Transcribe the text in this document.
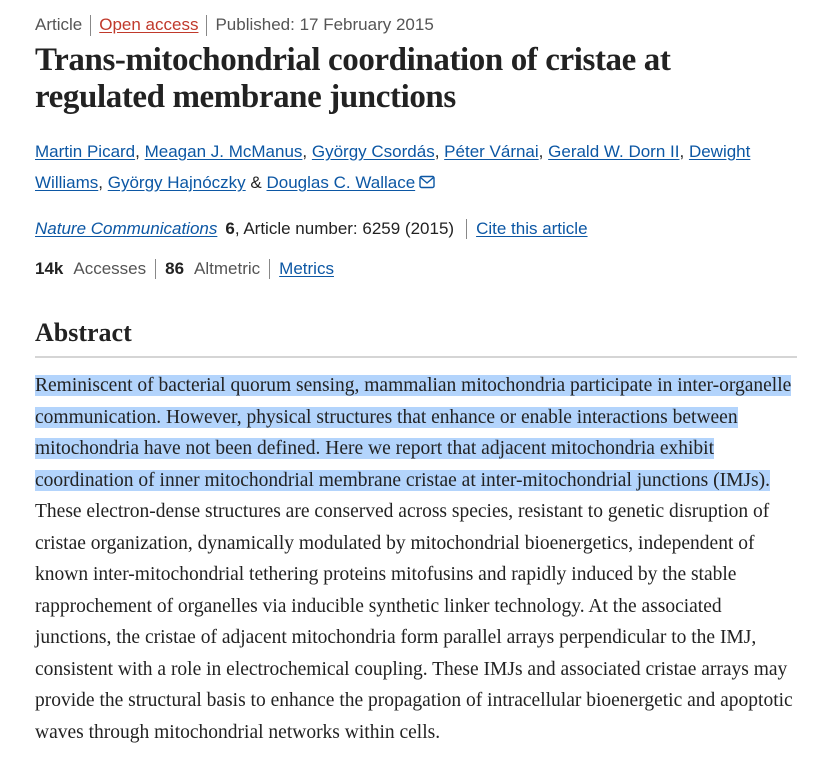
Article Open access Published: 17 February 2015
Trans-mitochondrial coordination of cristae at regulated membrane junctions
Martin Picard, Meagan J. McManus, György Csordás, Péter Várnai, Gerald W. Dorn II, Dewight Williams, György Hajnóczky & Douglas C. Wallace
Nature Communications 6 , Article number: 6259 (2015) Cite this article
14k Accesses 86 Altmetric Metrics
Abstract

Reminiscent of bacterial quorum sensing, mammalian mitochondria participate in inter-organelle communication. However, physical structures that enhance or enable interactions between mitochondria have not been defined. Here we report that adjacent mitochondria exhibit coordination of inner mitochondrial membrane cristae at inter-mitochondrial junctions (IMJs). These electron-dense structures are conserved across species, resistant to genetic disruption of cristae organization, dynamically modulated by mitochondrial bioenergetics, independent of known inter-mitochondrial tethering proteins mitofusins and rapidly induced by the stable rapprochement of organelles via inducible synthetic linker technology. At the associated junctions, the cristae of adjacent mitochondria form parallel arrays perpendicular to the IMJ, consistent with a role in electrochemical coupling. These IMJs and associated cristae arrays may provide the structural basis to enhance the propagation of intracellular bioenergetic and apoptotic waves through mitochondrial networks within cells.
